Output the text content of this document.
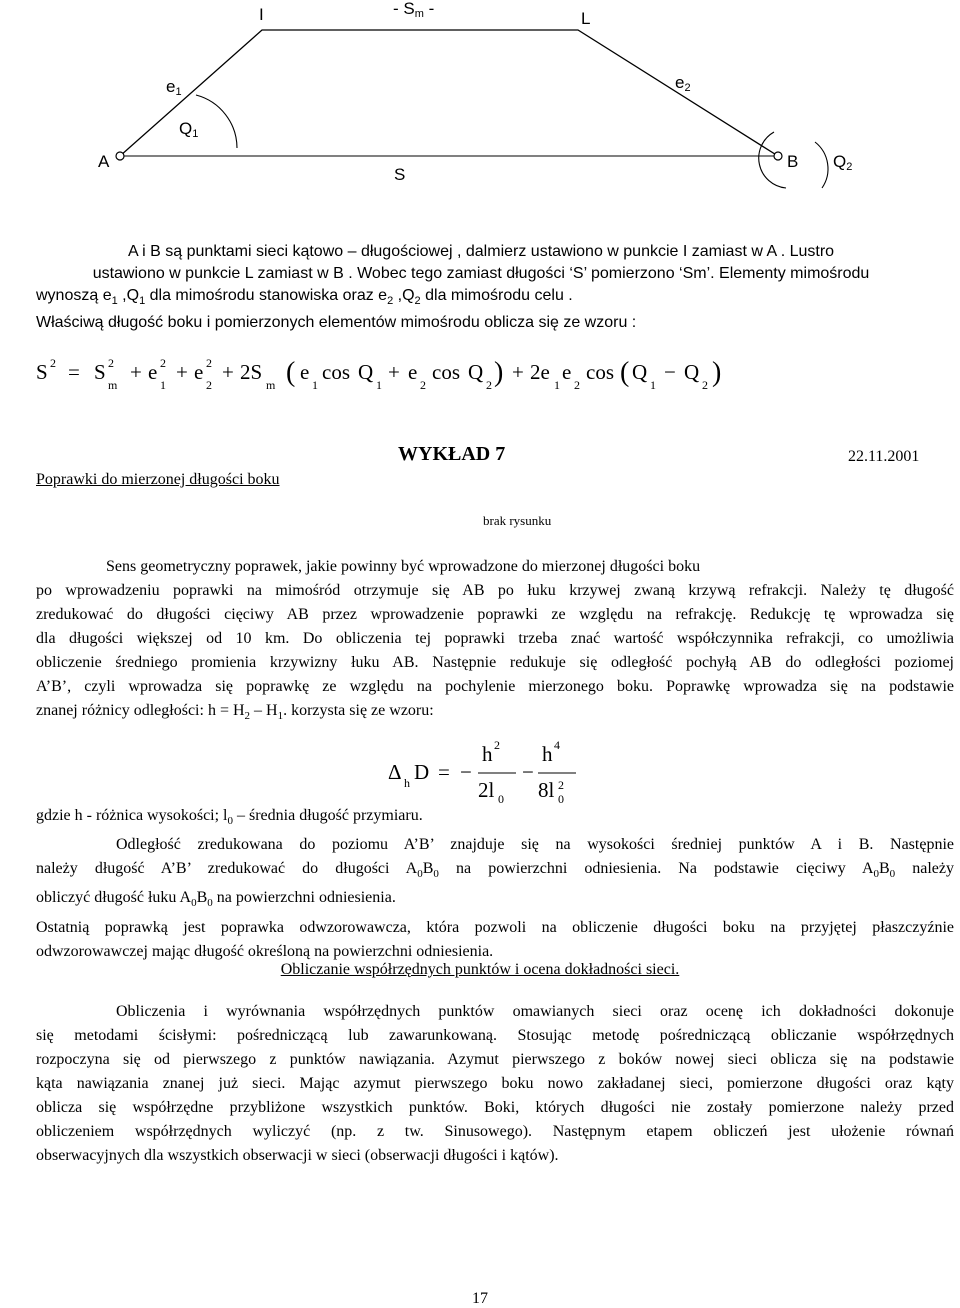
I	- Sm -
L
e1	e2
Q1
A	B Q2
S
A i B są punktami sieci kątowo – długościowej , dalmierz ustawiono w punkcie I zamiast w A . Lustro
ustawiono w punkcie L zamiast w B . Wobec tego zamiast długości ‘S’ pomierzono ‘Sm’. Elementy mimośrodu
wynoszą $e_1$ $,Q_1$ dla mimośrodu stanowiska oraz $e_2$ $,Q_2$ dla mimośrodu celu .
Właściwą długość boku i pomierzonych elementów mimośrodu oblicza się ze wzoru :
S 2 = S 2
m
+ e 2
1
+ e 2
2
+ 2S
m ( e
1
cos Q
1
+ e
2
cos Q
2 ) + 2e
1
e
2
cos ( Q
1
− Q
2 )
Poprawki do mierzonej długości boku
WYKŁAD 7	22.11.2001
brak rysunku
Sens geometryczny poprawek, jakie powinny być wprowadzone do mierzonej długości boku
po wprowadzeniu poprawki na mimośród otrzymuje się AB po łuku krzywej zwaną krzywą refrakcji. Należy tę długość
zredukować do długości cięciwy AB przez wprowadzenie poprawki ze względu na refrakcję. Redukcję tę wprowadza się
dla długości większej od 10 km. Do obliczenia tej poprawki trzeba znać wartość współczynnika refrakcji, co umożliwia
obliczenie średniego promienia krzywizny łuku AB. Następnie redukuje się odległość pochyłą AB do odległości poziomej
A’B’, czyli wprowadza się poprawkę ze względu na pochylenie mierzonego boku. Poprawkę wprowadza się na podstawie
znanej różnicy odległości: $h = H_2 - H_1$. korzysta się ze wzoru:
Δ h D = −
h 2
2l 0
−
h 4
8l 2
0
gdzie h - różnica wysokości; $l_0$ – średnia długość przymiaru.
Odległość zredukowana do poziomu A’B’ znajduje się na wysokości średniej punktów A i B. Następnie
należy długość A’B’ zredukować do długości $A_0B_0$ na powierzchni odniesienia. Na podstawie cięciwy $A_0B_0$ należy
obliczyć długość łuku $A_0B_0$ na powierzchni odniesienia.
Ostatnią poprawką jest poprawka odwzorowawcza, która pozwoli na obliczenie długości boku na przyjętej płaszczyźnie
odwzorowawczej mając długość określoną na powierzchni odniesienia.
Obliczanie współrzędnych punktów i ocena dokładności sieci.
Obliczenia i wyrównania współrzędnych punktów omawianych sieci oraz ocenę ich dokładności dokonuje
się metodami ścisłymi: pośredniczącą lub zawarunkowaną. Stosując metodę pośredniczącą obliczanie współrzędnych
rozpoczyna się od pierwszego z punktów nawiązania. Azymut pierwszego z boków nowej sieci oblicza się na podstawie
kąta nawiązania znanej już sieci. Mając azymut pierwszego boku nowo zakładanej sieci, pomierzone długości oraz kąty
oblicza się współrzędne przybliżone wszystkich punktów. Boki, których długości nie zostały pomierzone należy przed
obliczeniem współrzędnych wyliczyć (np. z tw. Sinusowego). Następnym etapem obliczeń jest ułożenie równań
obserwacyjnych dla wszystkich obserwacji w sieci (obserwacji długości i kątów).
17
